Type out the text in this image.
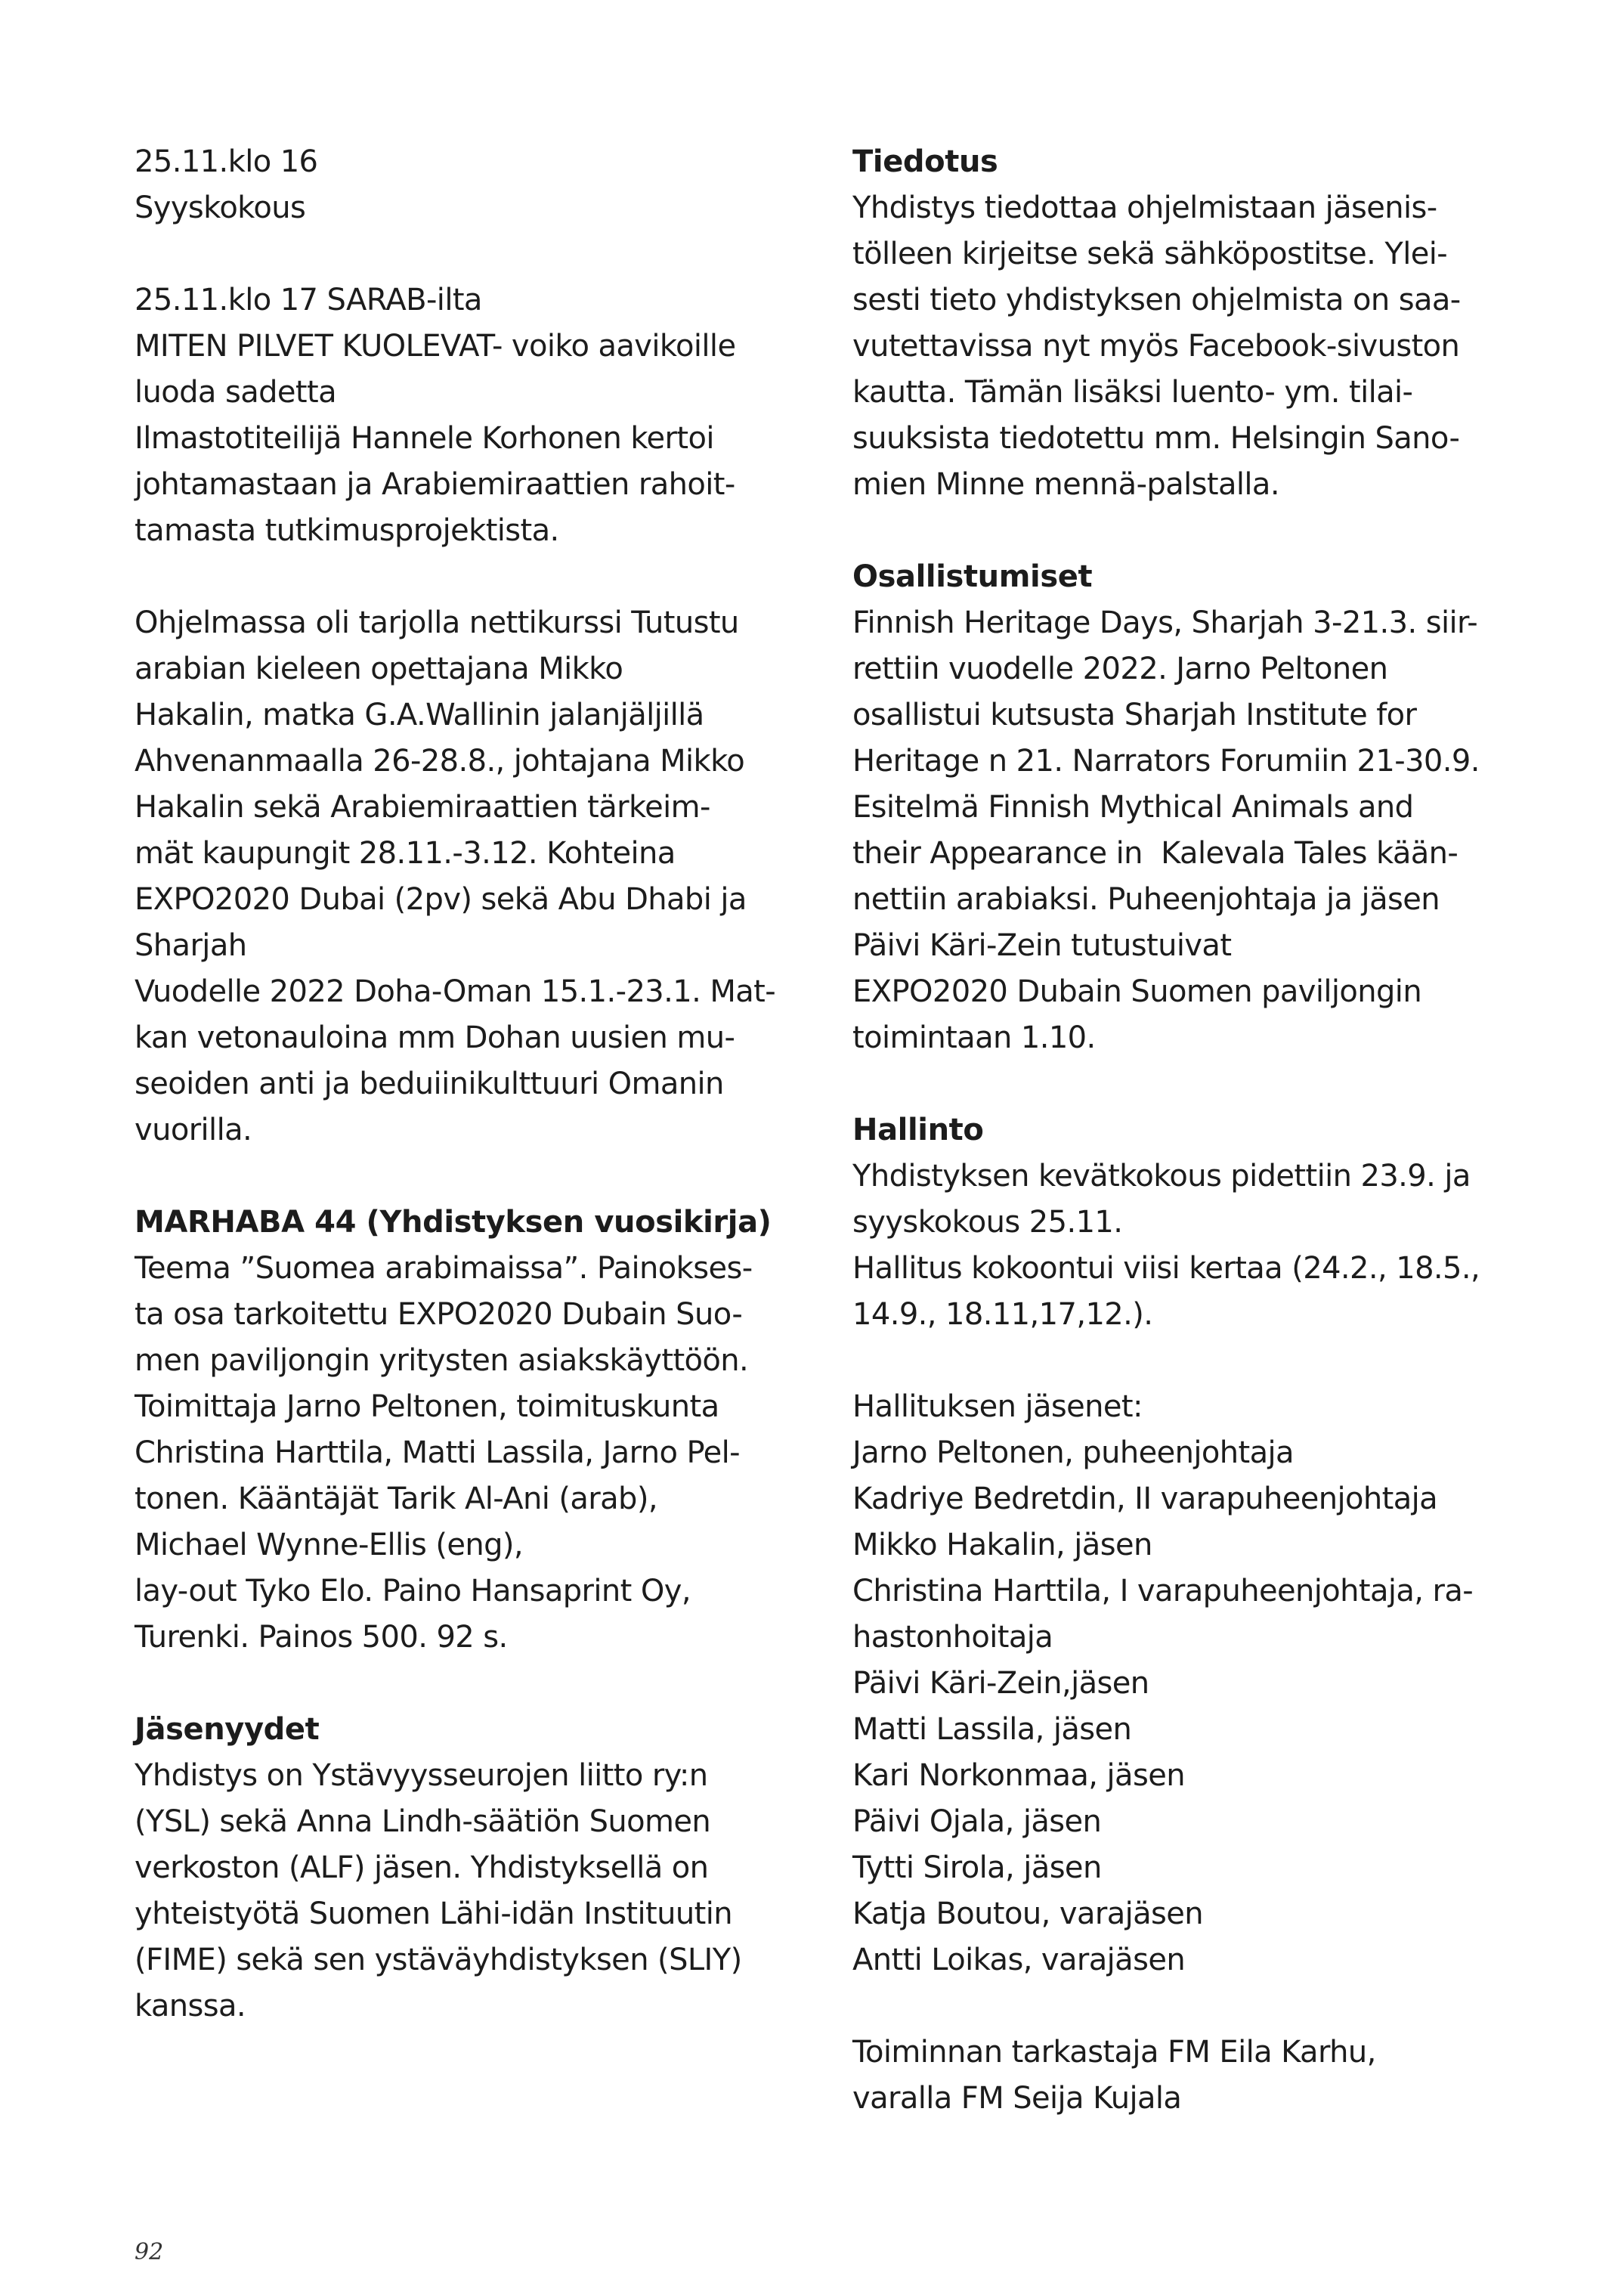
25.11.klo 16
Syyskokous
25.11.klo 17 SARAB-ilta
MITEN PILVET KUOLEVAT- voiko aavikoille
luoda sadetta
Ilmastotiteilijä Hannele Korhonen kertoi
johtamastaan ja Arabiemiraattien rahoit-
tamasta tutkimusprojektista.
Ohjelmassa oli tarjolla nettikurssi Tutustu
arabian kieleen opettajana Mikko
Hakalin, matka G.A.Wallinin jalanjäljillä
Ahvenanmaalla 26-28.8., johtajana Mikko
Hakalin sekä Arabiemiraattien tärkeim-
mät kaupungit 28.11.-3.12. Kohteina
EXPO2020 Dubai (2pv) sekä Abu Dhabi ja
Sharjah
Vuodelle 2022 Doha-Oman 15.1.-23.1. Mat-
kan vetonauloina mm Dohan uusien mu-
seoiden anti ja beduiinikulttuuri Omanin
vuorilla.
MARHABA 44 (Yhdistyksen vuosikirja)
Teema ”Suomea arabimaissa”. Painokses-
ta osa tarkoitettu EXPO2020 Dubain Suo-
men paviljongin yritysten asiakskäyttöön.
Toimittaja Jarno Peltonen, toimituskunta
Christina Harttila, Matti Lassila, Jarno Pel-
tonen. Kääntäjät Tarik Al-Ani (arab),
Michael Wynne-Ellis (eng),
lay-out Tyko Elo. Paino Hansaprint Oy,
Turenki. Painos 500. 92 s.
Jäsenyydet
Yhdistys on Ystävyysseurojen liitto ry:n
(YSL) sekä Anna Lindh-säätiön Suomen
verkoston (ALF) jäsen. Yhdistyksellä on
yhteistyötä Suomen Lähi-idän Instituutin
(FIME) sekä sen ystäväyhdistyksen (SLIY)
kanssa.
Tiedotus
Yhdistys tiedottaa ohjelmistaan jäsenis-
tölleen kirjeitse sekä sähköpostitse. Ylei-
sesti tieto yhdistyksen ohjelmista on saa-
vutettavissa nyt myös Facebook-sivuston
kautta. Tämän lisäksi luento- ym. tilai-
suuksista tiedotettu mm. Helsingin Sano-
mien Minne mennä-palstalla.
Osallistumiset
Finnish Heritage Days, Sharjah 3-21.3. siir-
rettiin vuodelle 2022. Jarno Peltonen
osallistui kutsusta Sharjah Institute for
Heritage n 21. Narrators Forumiin 21-30.9.
Esitelmä Finnish Mythical Animals and
their Appearance in  Kalevala Tales kään-
nettiin arabiaksi. Puheenjohtaja ja jäsen
Päivi Käri-Zein tutustuivat
EXPO2020 Dubain Suomen paviljongin
toimintaan 1.10.
Hallinto
Yhdistyksen kevätkokous pidettiin 23.9. ja
syyskokous 25.11.
Hallitus kokoontui viisi kertaa (24.2., 18.5.,
14.9., 18.11,17,12.).
Hallituksen jäsenet:
Jarno Peltonen, puheenjohtaja
Kadriye Bedretdin, II varapuheenjohtaja
Mikko Hakalin, jäsen
Christina Harttila, I varapuheenjohtaja, ra-
hastonhoitaja
Päivi Käri-Zein,jäsen
Matti Lassila, jäsen
Kari Norkonmaa, jäsen
Päivi Ojala, jäsen
Tytti Sirola, jäsen
Katja Boutou, varajäsen
Antti Loikas, varajäsen
Toiminnan tarkastaja FM Eila Karhu,
varalla FM Seija Kujala
92
